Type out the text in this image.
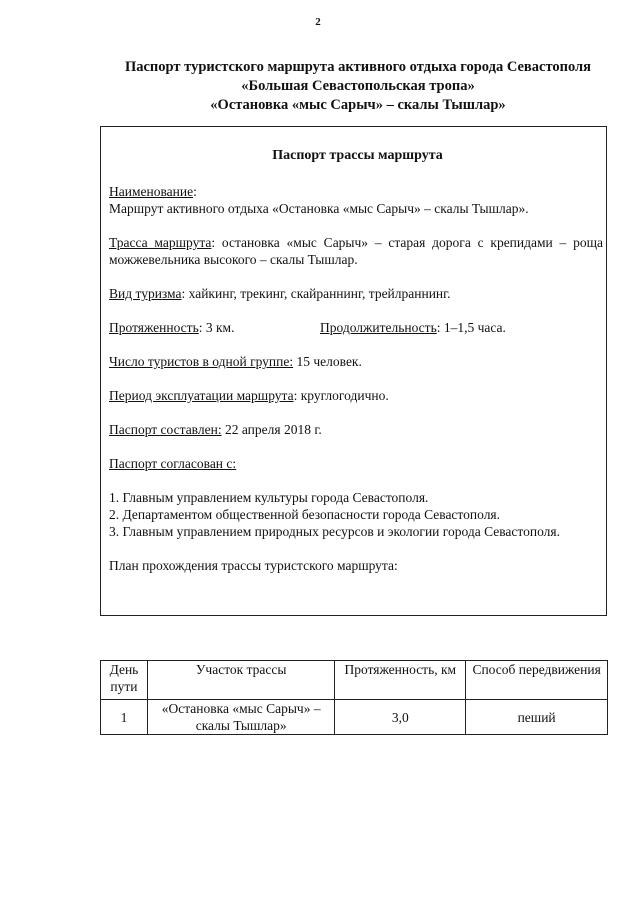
2
Паспорт туристского маршрута активного отдыха города Севастополя
«Большая Севастопольская тропа»
«Остановка «мыс Сарыч» – скалы Тышлар»
Паспорт трассы маршрута
Наименование:
Маршрут активного отдыха «Остановка «мыс Сарыч» – скалы Тышлар».
Трасса маршрута: остановка «мыс Сарыч» – старая дорога с крепидами – роща можжевельника высокого – скалы Тышлар.
Вид туризма: хайкинг, трекинг, скайраннинг, трейлраннинг.
Протяженность: 3 км.	Продолжительность: 1–1,5 часа.
Число туристов в одной группе: 15 человек.
Период эксплуатации маршрута: круглогодично.
Паспорт составлен: 22 апреля 2018 г.
Паспорт согласован с:
1. Главным управлением культуры города Севастополя.
2. Департаментом общественной безопасности города Севастополя.
3. Главным управлением природных ресурсов и экологии города Севастополя.
План прохождения трассы туристского маршрута:
День пути	Участок трассы	Протяженность, км	Способ передвижения
1	«Остановка «мыс Сарыч» – скалы Тышлар»	3,0	пеший
